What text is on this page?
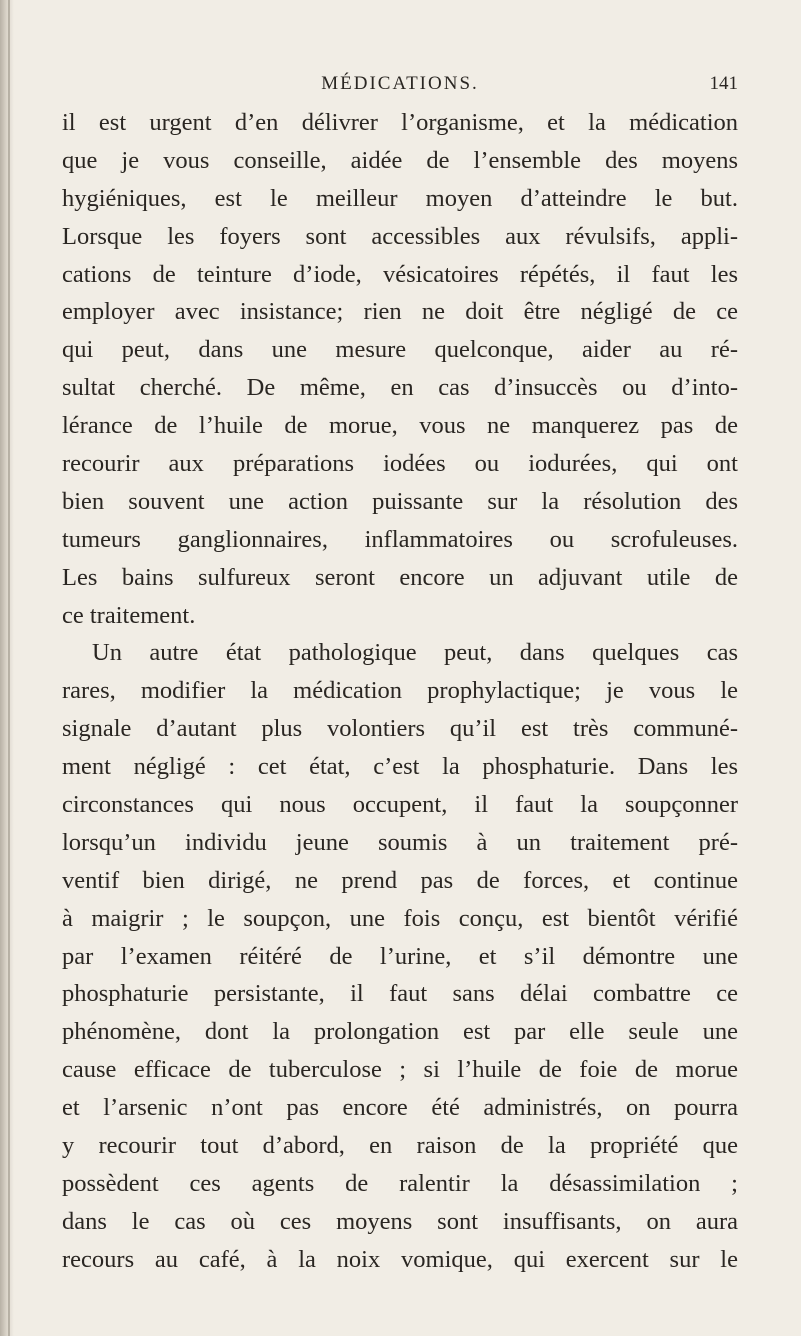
MÉDICATIONS.	141
il est urgent d’en délivrer l’organisme, et la médication
que je vous conseille, aidée de l’ensemble des moyens
hygiéniques, est le meilleur moyen d’atteindre le but.
Lorsque les foyers sont accessibles aux révulsifs, appli-
cations de teinture d’iode, vésicatoires répétés, il faut les
employer avec insistance; rien ne doit être négligé de ce
qui peut, dans une mesure quelconque, aider au ré-
sultat cherché. De même, en cas d’insuccès ou d’into-
lérance de l’huile de morue, vous ne manquerez pas de
recourir aux préparations iodées ou iodurées, qui ont
bien souvent une action puissante sur la résolution des
tumeurs ganglionnaires, inflammatoires ou scrofuleuses.
Les bains sulfureux seront encore un adjuvant utile de
ce traitement.
Un autre état pathologique peut, dans quelques cas
rares, modifier la médication prophylactique; je vous le
signale d’autant plus volontiers qu’il est très communé-
ment négligé : cet état, c’est la phosphaturie. Dans les
circonstances qui nous occupent, il faut la soupçonner
lorsqu’un individu jeune soumis à un traitement pré-
ventif bien dirigé, ne prend pas de forces, et continue
à maigrir ; le soupçon, une fois conçu, est bientôt vérifié
par l’examen réitéré de l’urine, et s’il démontre une
phosphaturie persistante, il faut sans délai combattre ce
phénomène, dont la prolongation est par elle seule une
cause efficace de tuberculose ; si l’huile de foie de morue
et l’arsenic n’ont pas encore été administrés, on pourra
y recourir tout d’abord, en raison de la propriété que
possèdent ces agents de ralentir la désassimilation ;
dans le cas où ces moyens sont insuffisants, on aura
recours au café, à la noix vomique, qui exercent sur le
